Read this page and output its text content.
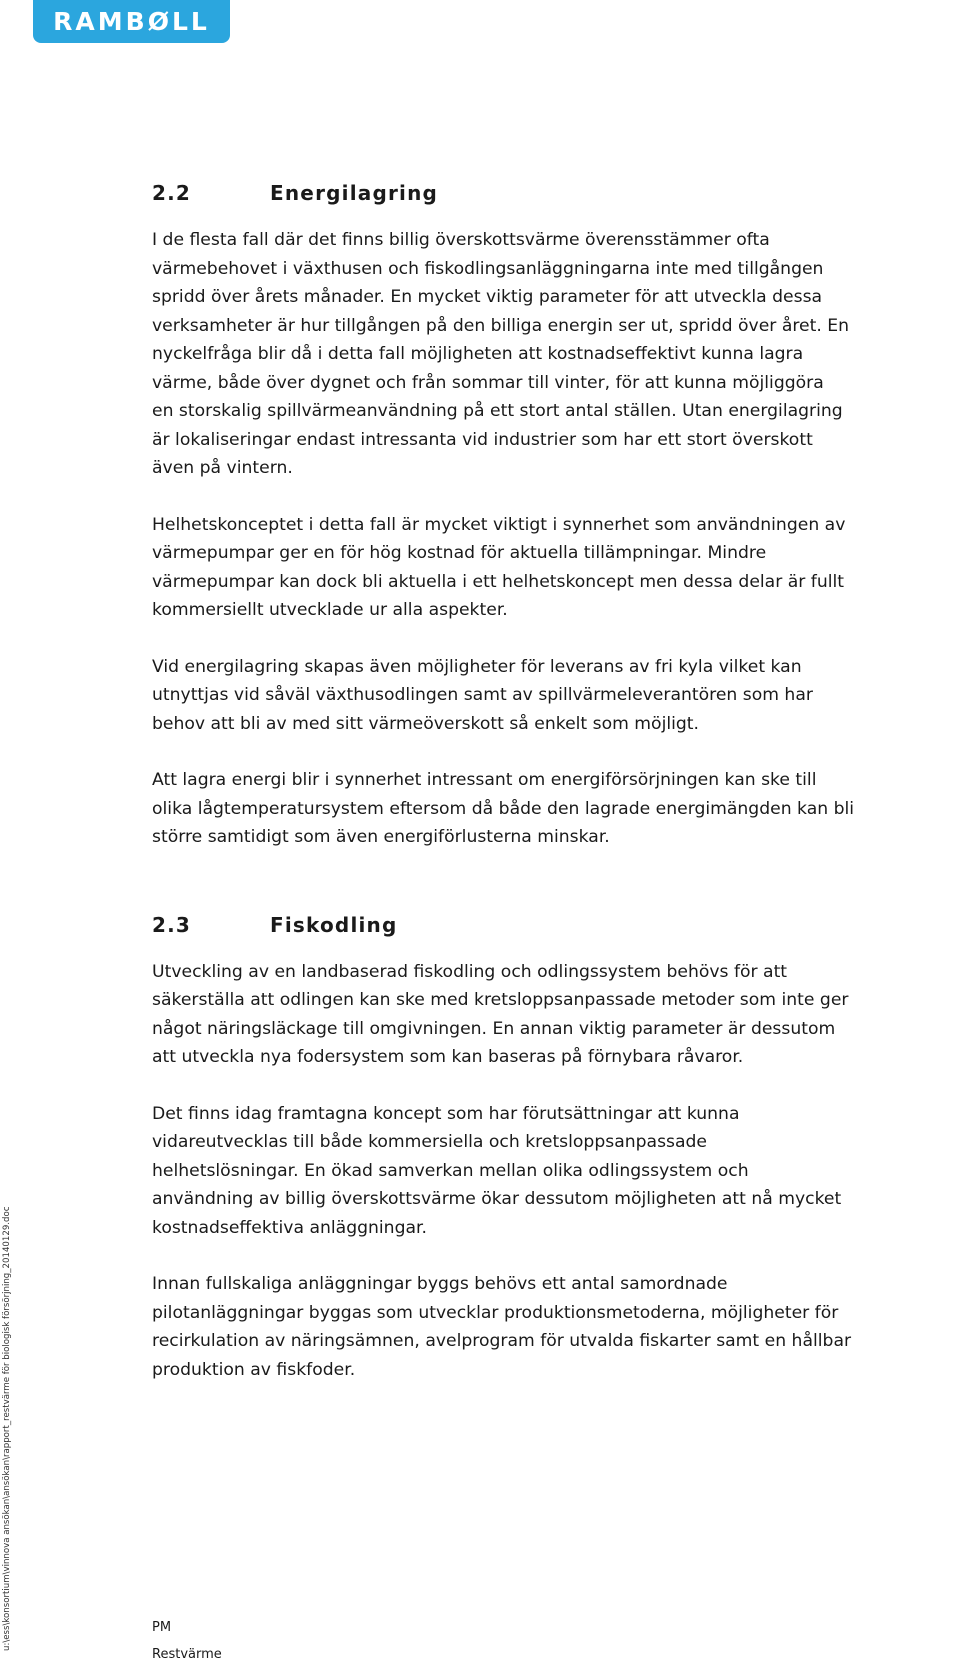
RAMBØLL
2.2	Energilagring

I de flesta fall där det finns billig överskottsvärme överensstämmer ofta
värmebehovet i växthusen och fiskodlingsanläggningarna inte med tillgången
spridd över årets månader. En mycket viktig parameter för att utveckla dessa
verksamheter är hur tillgången på den billiga energin ser ut, spridd över året. En
nyckelfråga blir då i detta fall möjligheten att kostnadseffektivt kunna lagra
värme, både över dygnet och från sommar till vinter, för att kunna möjliggöra
en storskalig spillvärmeanvändning på ett stort antal ställen. Utan energilagring
är lokaliseringar endast intressanta vid industrier som har ett stort överskott
även på vintern.

Helhetskonceptet i detta fall är mycket viktigt i synnerhet som användningen av
värmepumpar ger en för hög kostnad för aktuella tillämpningar. Mindre
värmepumpar kan dock bli aktuella i ett helhetskoncept men dessa delar är fullt
kommersiellt utvecklade ur alla aspekter.

Vid energilagring skapas även möjligheter för leverans av fri kyla vilket kan
utnyttjas vid såväl växthusodlingen samt av spillvärmeleverantören som har
behov att bli av med sitt värmeöverskott så enkelt som möjligt.

Att lagra energi blir i synnerhet intressant om energiförsörjningen kan ske till
olika lågtemperatursystem eftersom då både den lagrade energimängden kan bli
större samtidigt som även energiförlusterna minskar.

2.3	Fiskodling

Utveckling av en landbaserad fiskodling och odlingssystem behövs för att
säkerställa att odlingen kan ske med kretsloppsanpassade metoder som inte ger
något näringsläckage till omgivningen. En annan viktig parameter är dessutom
att utveckla nya fodersystem som kan baseras på förnybara råvaror.

Det finns idag framtagna koncept som har förutsättningar att kunna
vidareutvecklas till både kommersiella och kretsloppsanpassade
helhetslösningar. En ökad samverkan mellan olika odlingssystem och
användning av billig överskottsvärme ökar dessutom möjligheten att nå mycket
kostnadseffektiva anläggningar.

Innan fullskaliga anläggningar byggs behövs ett antal samordnade
pilotanläggningar byggas som utvecklar produktionsmetoderna, möjligheter för
recirkulation av näringsämnen, avelprogram för utvalda fiskarter samt en hållbar
produktion av fiskfoder.

PM
Restvärme
u:\ess\konsortium\vinnova ansökan\ansökan\rapport_restvärme för biologisk försörjning_20140129.doc
